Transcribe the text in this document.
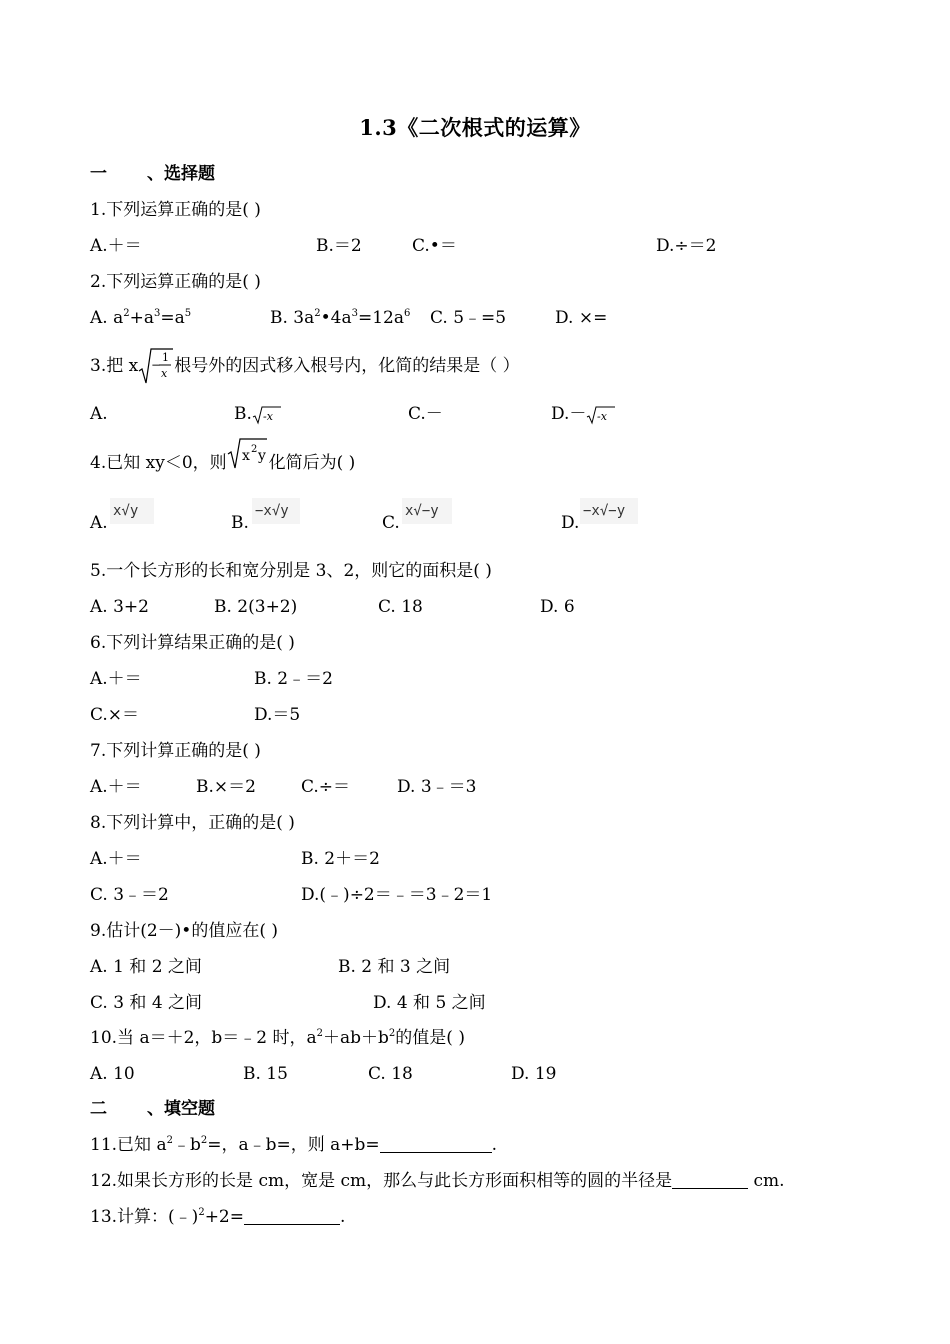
1.3《二次根式的运算》
一 、选择题
1.下列运算正确的是( )
A.＋＝	B.＝2	C.•＝	D.÷＝2
2.下列运算正确的是( )
A. $a^2+a^3=a^5$	B. $3a^2•4a^3=12a^6$ C. 5﹣=5	D. ×=
3.把 x −
1
x 根号外的因式移入根号内，化简的结果是（ ）
A.	B. -x	C.－	D.－ -x
4.已知 xy＜0，则 x 2 y 化简后为( )
A.
x√y
B.
−x√y
C.
x√−y
D.
−x√−y
5.一个长方形的长和宽分别是 3、2，则它的面积是( )
A. 3+2	B. 2(3+2)	C. 18	D. 6
6.下列计算结果正确的是( )
A.＋＝	B. 2﹣＝2
C.×＝	D.＝5
7.下列计算正确的是( )
A.＋＝	B.×＝2	C.÷＝	D. 3﹣＝3
8.下列计算中，正确的是( )
A.＋＝	B. 2＋＝2
C. 3﹣＝2	D.(﹣)÷2＝﹣＝3﹣2＝1
9.估计(2－)•的值应在( )
A. 1 和 2 之间	B. 2 和 3 之间
C. 3 和 4 之间	D. 4 和 5 之间
10.当 a＝＋2，b＝﹣2 时，$a^2+ab+b^2$的值是( )
A. 10	B. 15	C. 18	D. 19
二 、填空题
11.已知 $a^2﹣b^2=$，a﹣b=，则 a+b=	.
12.如果长方形的长是 cm，宽是 cm，那么与此长方形面积相等的圆的半径是	cm.
13.计算：(﹣)$^2$+2=	.
